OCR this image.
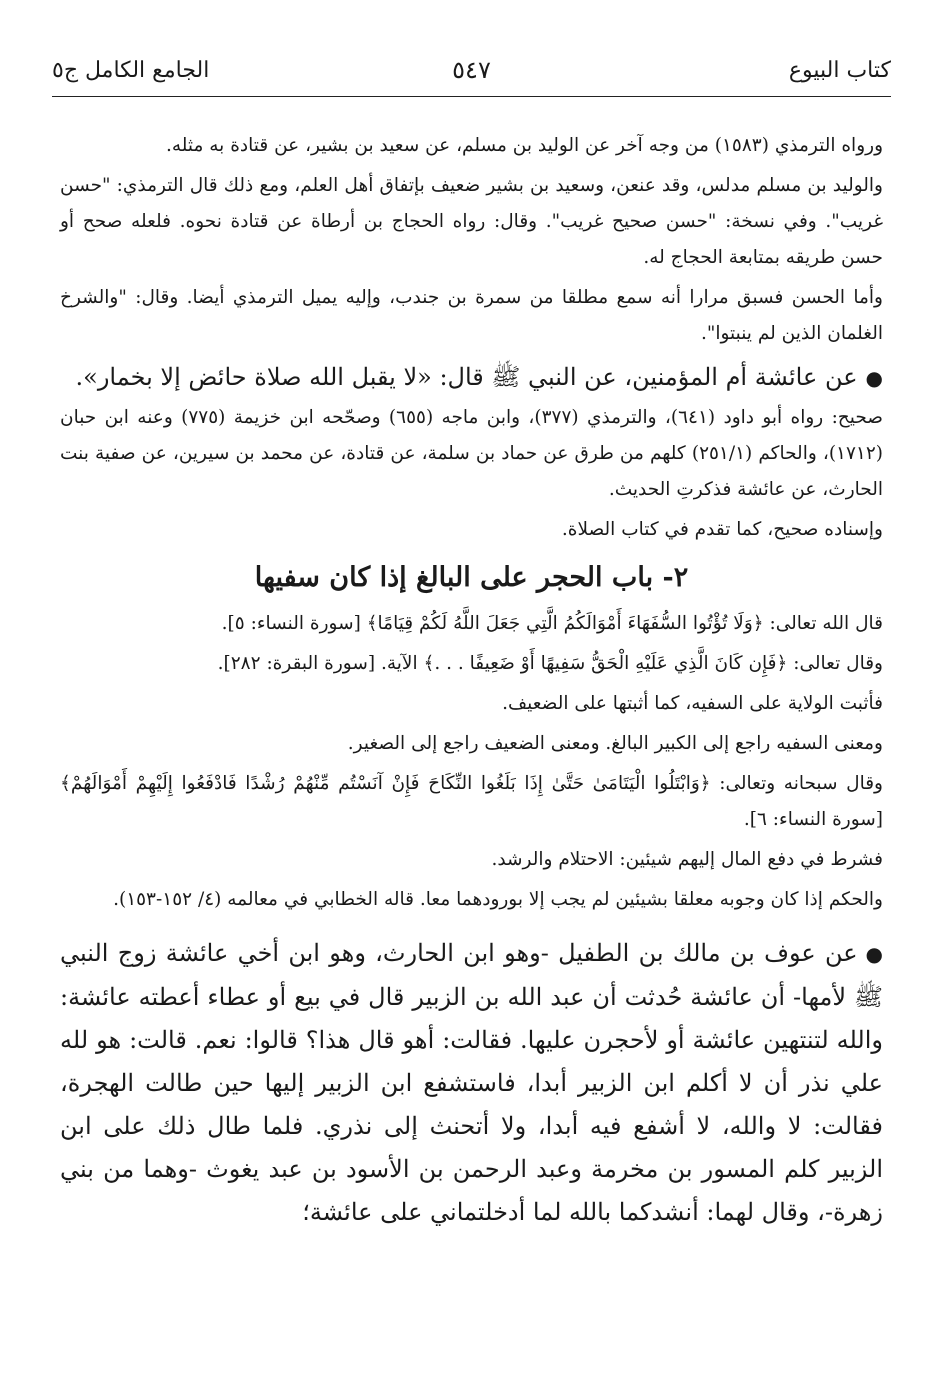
كتاب البيوع
٥٤٧
الجامع الكامل ج٥

ورواه الترمذي (١٥٨٣) من وجه آخر عن الوليد بن مسلم، عن سعيد بن بشير، عن قتادة به مثله.

والوليد بن مسلم مدلس، وقد عنعن، وسعيد بن بشير ضعيف بإتفاق أهل العلم، ومع ذلك قال الترمذي: "حسن غريب". وفي نسخة: "حسن صحيح غريب". وقال: رواه الحجاج بن أرطاة عن قتادة نحوه. فلعله صحح أو حسن طريقه بمتابعة الحجاج له.

وأما الحسن فسبق مرارا أنه سمع مطلقا من سمرة بن جندب، وإليه يميل الترمذي أيضا. وقال: "والشرخ الغلمان الذين لم ينبتوا".

●عن عائشة أم المؤمنين، عن النبي ﷺ قال: «لا يقبل الله صلاة حائض إلا بخمار».

صحيح: رواه أبو داود (٦٤١)، والترمذي (٣٧٧)، وابن ماجه (٦٥٥) وصحّحه ابن خزيمة (٧٧٥) وعنه ابن حبان (١٧١٢)، والحاكم (٢٥١/١) كلهم من طرق عن حماد بن سلمة، عن قتادة، عن محمد بن سيرين، عن صفية بنت الحارث، عن عائشة فذكرتِ الحديث.

وإسناده صحيح، كما تقدم في كتاب الصلاة.

٢- باب الحجر على البالغ إذا كان سفيها

قال الله تعالى: ﴿وَلَا تُؤْتُوا السُّفَهَاءَ أَمْوَالَكُمُ الَّتِي جَعَلَ اللَّهُ لَكُمْ قِيَامًا﴾ [سورة النساء: ٥].

وقال تعالى: ﴿فَإِن كَانَ الَّذِي عَلَيْهِ الْحَقُّ سَفِيهًا أَوْ ضَعِيفًا . . .﴾ الآية. [سورة البقرة: ٢٨٢].

فأثبت الولاية على السفيه، كما أثبتها على الضعيف.

ومعنى السفيه راجع إلى الكبير البالغ. ومعنى الضعيف راجع إلى الصغير.

وقال سبحانه وتعالى: ﴿وَابْتَلُوا الْيَتَامَىٰ حَتَّىٰ إِذَا بَلَغُوا النِّكَاحَ فَإِنْ آنَسْتُم مِّنْهُمْ رُشْدًا فَادْفَعُوا إِلَيْهِمْ أَمْوَالَهُمْ﴾ [سورة النساء: ٦].

فشرط في دفع المال إليهم شيئين: الاحتلام والرشد.

والحكم إذا كان وجوبه معلقا بشيئين لم يجب إلا بورودهما معا. قاله الخطابي في معالمه (٤/ ١٥٢-١٥٣).

●عن عوف بن مالك بن الطفيل -وهو ابن الحارث، وهو ابن أخي عائشة زوج النبي ﷺ لأمها- أن عائشة حُدثت أن عبد الله بن الزبير قال في بيع أو عطاء أعطته عائشة: والله لتنتهين عائشة أو لأحجرن عليها. فقالت: أهو قال هذا؟ قالوا: نعم. قالت: هو لله علي نذر أن لا أكلم ابن الزبير أبدا، فاستشفع ابن الزبير إليها حين طالت الهجرة، فقالت: لا والله، لا أشفع فيه أبدا، ولا أتحنث إلى نذري. فلما طال ذلك على ابن الزبير كلم المسور بن مخرمة وعبد الرحمن بن الأسود بن عبد يغوث -وهما من بني زهرة-، وقال لهما: أنشدكما بالله لما أدخلتماني على عائشة؛
